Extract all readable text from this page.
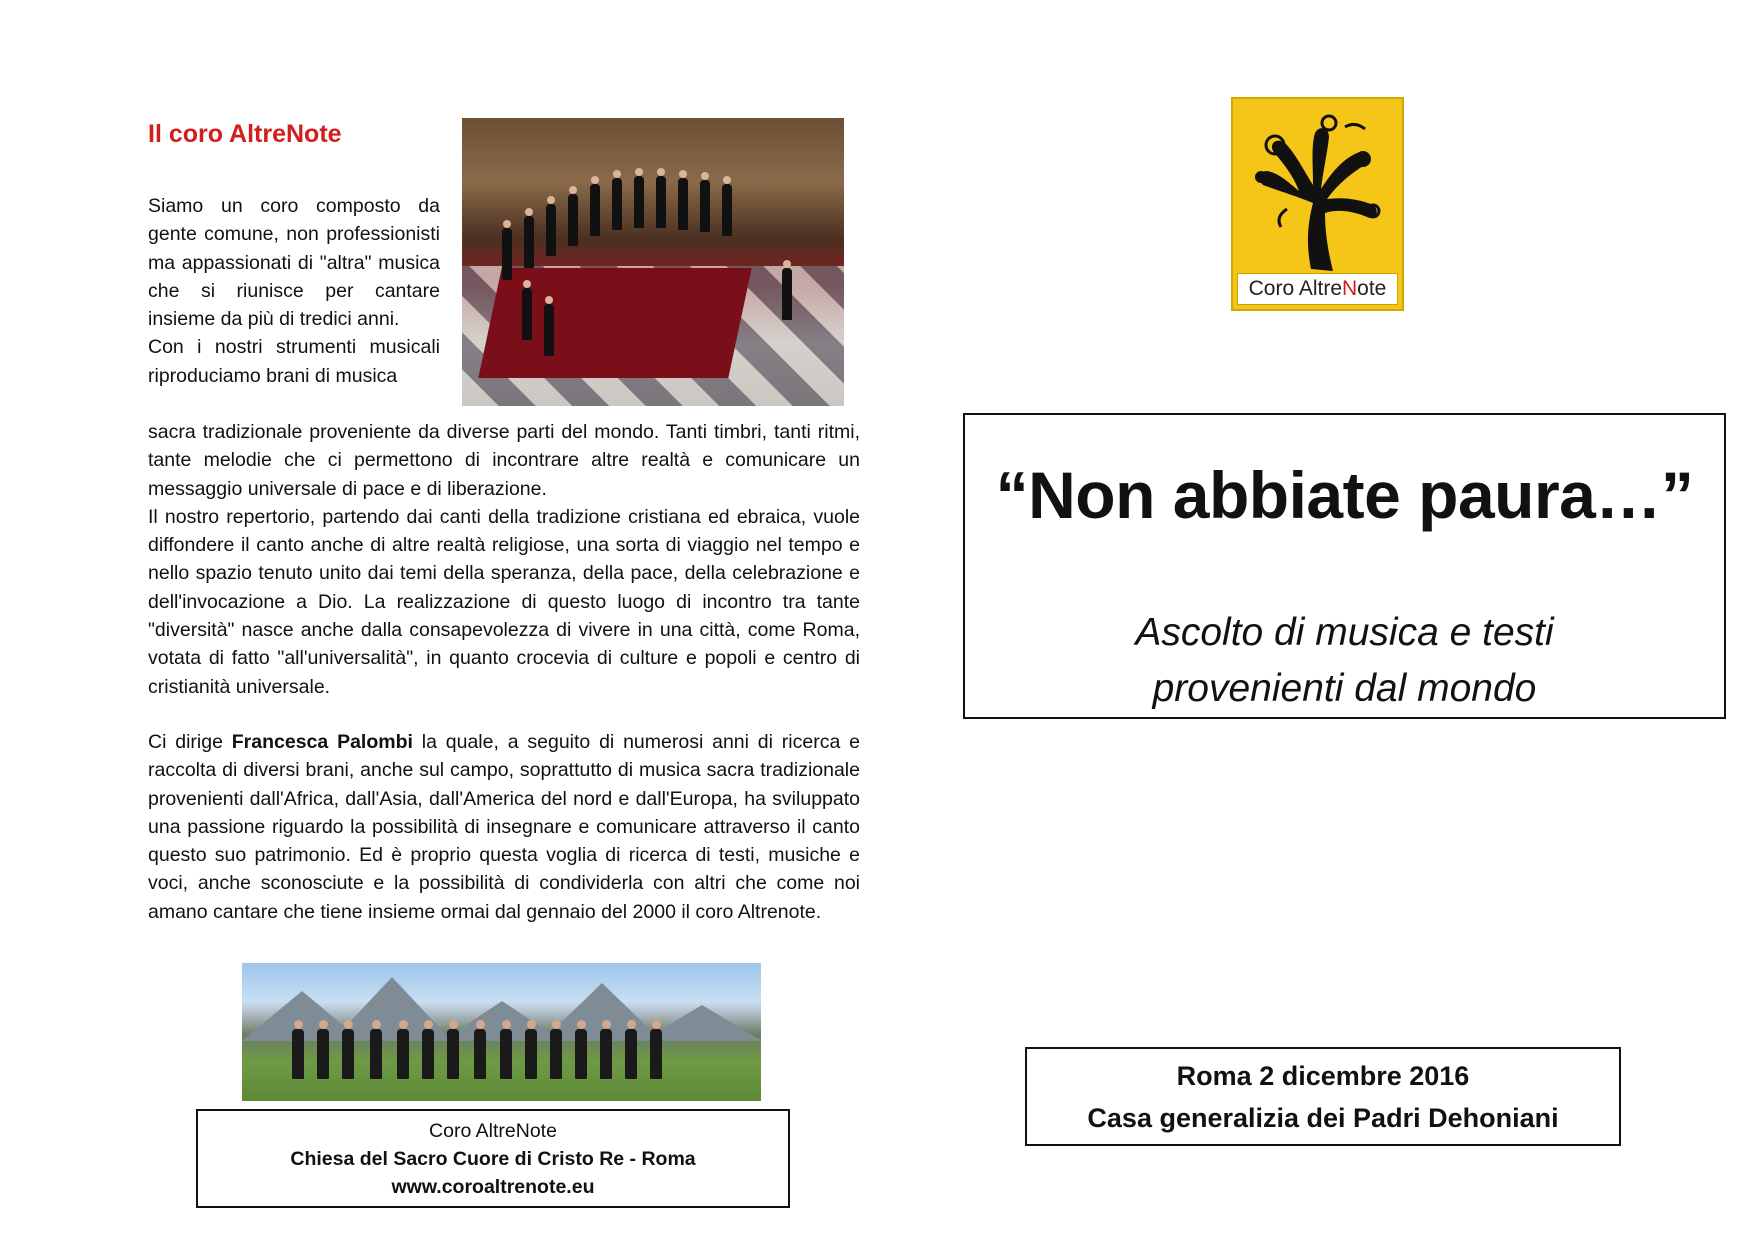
Il coro AltreNote

Siamo un coro composto da gente comune, non professionisti ma appassionati di "altra" musica che si riunisce per cantare insieme da più di tredici anni.

Con i nostri strumenti musicali riproduciamo brani di musica

sacra tradizionale proveniente da diverse parti del mondo. Tanti timbri, tanti ritmi, tante melodie che ci permettono di incontrare altre realtà e comunicare un messaggio universale di pace e di liberazione.

Il nostro repertorio, partendo dai canti della tradizione cristiana ed ebraica, vuole diffondere il canto anche di altre realtà religiose, una sorta di viaggio nel tempo e nello spazio tenuto unito dai temi della speranza, della pace, della celebrazione e dell'invocazione a Dio. La realizzazione di questo luogo di incontro tra tante "diversità" nasce anche dalla consapevolezza di vivere in una città, come Roma, votata di fatto "all'universalità", in quanto crocevia di culture e popoli e centro di cristianità universale.

Ci dirige Francesca Palombi la quale, a seguito di numerosi anni di ricerca e raccolta di diversi brani, anche sul campo, soprattutto di musica sacra tradizionale provenienti dall'Africa, dall'Asia, dall'America del nord e dall'Europa, ha sviluppato una passione riguardo la possibilità di insegnare e comunicare attraverso il canto questo suo patrimonio. Ed è proprio questa voglia di ricerca di testi, musiche e voci, anche sconosciute e la possibilità di condividerla con altri che come noi amano cantare che tiene insieme ormai dal gennaio del 2000 il coro Altrenote.

Coro AltreNote
Chiesa del Sacro Cuore di Cristo Re - Roma
www.coroaltrenote.eu
Coro AltreNote
“Non abbiate paura…”
Ascolto di musica e testi
provenienti dal mondo
Roma 2 dicembre 2016
Casa generalizia dei Padri Dehoniani
